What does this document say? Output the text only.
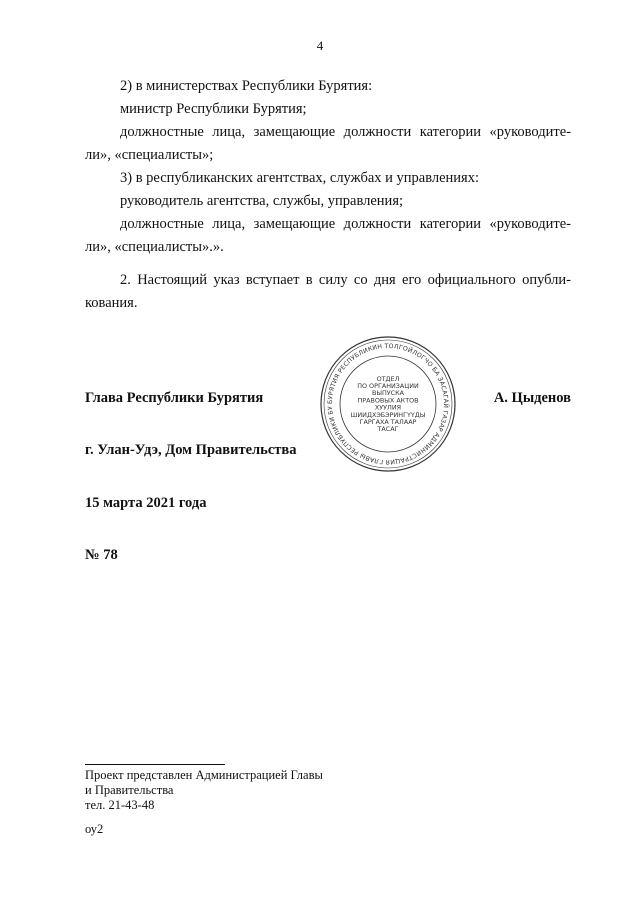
4
2) в министерствах Республики Бурятия:
министр Республики Бурятия;
должностные лица, замещающие должности категории «руководите-
ли», «специалисты»;
3) в республиканских агентствах, службах и управлениях:
руководитель агентства, службы, управления;
должностные лица, замещающие должности категории «руководите-
ли», «специалисты».».
2. Настоящий указ вступает в силу со дня его официального опубли-
кования.
БУРЯТИЯ РЕСПУБЛИКИН ТОЛГОЙЛОГЧО БА ЗАСАГАЙ ГАЗАР АДМИНИСТРАЦИЯ ГЛАВЫ РЕСПУБЛИКИ БУ
ОТДЕЛ
ПО ОРГАНИЗАЦИИ
ВЫПУСКА
ПРАВОВЫХ АКТОВ
ХУУЛИЯ
ШИИДХЭБЭРИНГҮҮДЫ
ГАРГАХА ТАЛААР
ТАСАГ
Глава Республики Бурятия	А. Цыденов
г. Улан-Удэ, Дом Правительства
15 марта 2021 года
№ 78
Проект представлен Администрацией Главы
и Правительства
тел. 21-43-48
оу2
